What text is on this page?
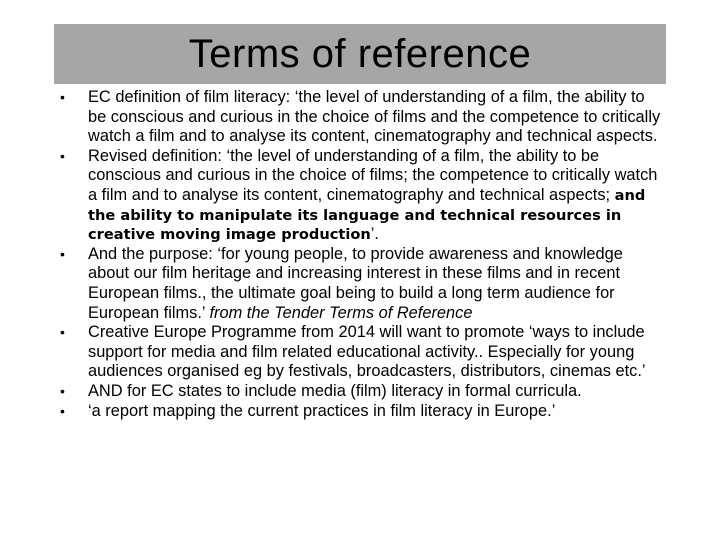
Terms of reference
• EC definition of film literacy: ‘the level of understanding of a film, the ability to be conscious and curious in the choice of films and the competence to critically watch a film and to analyse its content, cinematography and technical aspects.
• Revised definition: ‘the level of understanding of a film, the ability to be conscious and curious in the choice of films; the competence to critically watch a film and to analyse its content, cinematography and technical aspects; and the ability to manipulate its language and technical resources in creative moving image production’.
• And the purpose: ‘for young people, to provide awareness and knowledge about our film heritage and increasing interest in these films and in recent European films., the ultimate goal being to build a long term audience for European films.’ from the Tender Terms of Reference
• Creative Europe Programme from 2014 will want to promote ‘ways to include support for media and film related educational activity.. Especially for young audiences organised eg by festivals, broadcasters, distributors, cinemas etc.’
• AND for EC states to include media (film) literacy in formal curricula.
• ‘a report mapping the current practices in film literacy in Europe.’
